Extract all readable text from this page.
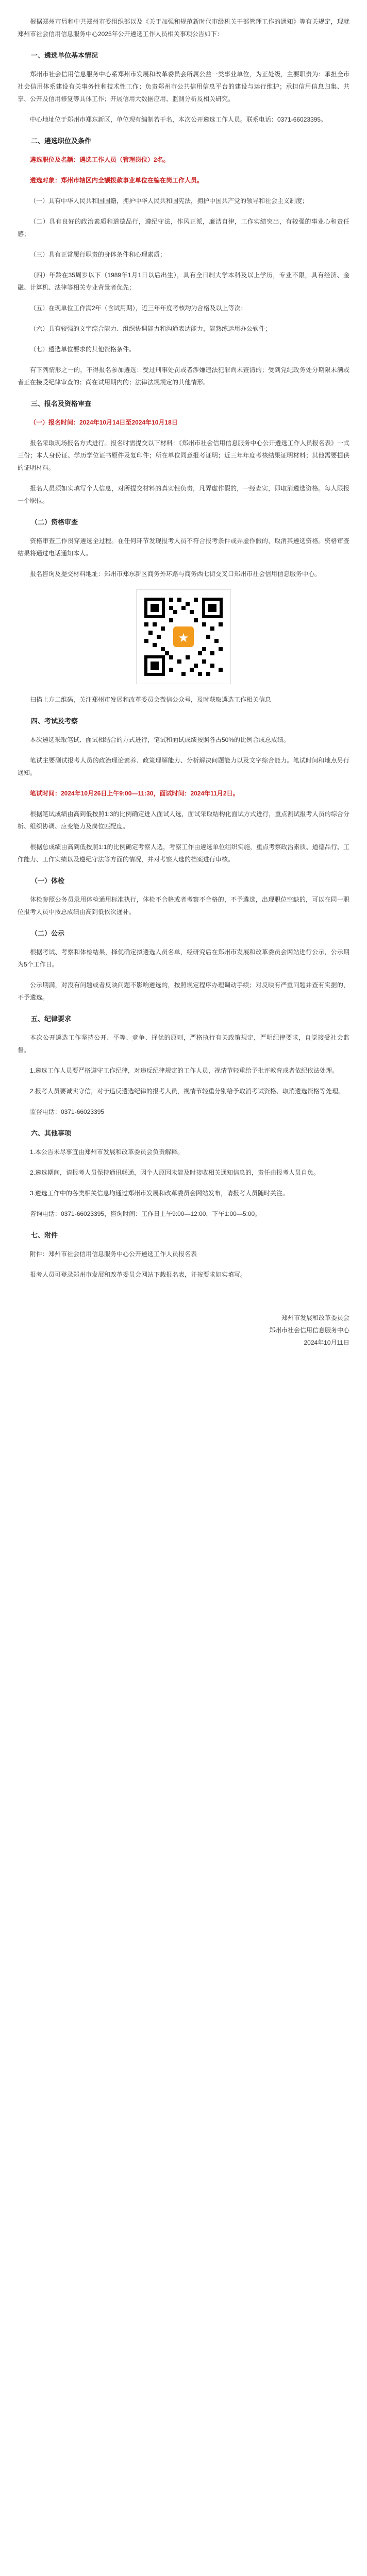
根据郑州市局和中共郑州市委组织部以及《关于加强和规范新时代市级机关干部管理工作的通知》等有关规定，现就郑州市社会信用信息服务中心2025年公开遴选工作人员相关事项公告如下：

一、遴选单位基本情况

郑州市社会信用信息服务中心系郑州市发展和改革委员会所属公益一类事业单位，为正处级，主要职责为：承担全市社会信用体系建设有关事务性和技术性工作；负责郑州市公共信用信息平台的建设与运行维护；承担信用信息归集、共享、公开及信用修复等具体工作；开展信用大数据应用、监测分析及相关研究。

中心地址位于郑州市郑东新区，单位现有编制若干名，本次公开遴选工作人员。联系电话：0371-66023395。

二、遴选职位及条件

遴选职位及名额：遴选工作人员（管理岗位）2名。

遴选对象：郑州市辖区内全额拨款事业单位在编在岗工作人员。

（一）具有中华人民共和国国籍，拥护中华人民共和国宪法，拥护中国共产党的领导和社会主义制度；

（二）具有良好的政治素质和道德品行，遵纪守法，作风正派，廉洁自律，工作实绩突出，有较强的事业心和责任感；

（三）具有正常履行职责的身体条件和心理素质；

（四）年龄在35周岁以下（1989年1月1日以后出生），具有全日制大学本科及以上学历，专业不限，具有经济、金融、计算机、法律等相关专业背景者优先；

（五）在现单位工作满2年（含试用期），近三年年度考核均为合格及以上等次；

（六）具有较强的文字综合能力、组织协调能力和沟通表达能力，能熟练运用办公软件；

（七）遴选单位要求的其他资格条件。

有下列情形之一的，不得报名参加遴选：受过刑事处罚或者涉嫌违法犯罪尚未查清的；受到党纪政务处分期限未满或者正在接受纪律审查的；尚在试用期内的；法律法规规定的其他情形。

三、报名及资格审查

（一）报名时间：2024年10月14日至2024年10月18日

报名采取现场报名方式进行。报名时需提交以下材料：《郑州市社会信用信息服务中心公开遴选工作人员报名表》一式三份；本人身份证、学历学位证书原件及复印件；所在单位同意报考证明；近三年年度考核结果证明材料；其他需要提供的证明材料。

报名人员须如实填写个人信息，对所提交材料的真实性负责，凡弄虚作假的，一经查实，即取消遴选资格。每人限报一个职位。

（二）资格审查

资格审查工作贯穿遴选全过程。在任何环节发现报考人员不符合报考条件或弄虚作假的，取消其遴选资格。资格审查结果将通过电话通知本人。

报名咨询及提交材料地址：郑州市郑东新区商务外环路与商务西七街交叉口郑州市社会信用信息服务中心。

★

扫描上方二维码，关注郑州市发展和改革委员会微信公众号，及时获取遴选工作相关信息

四、考试及考察

本次遴选采取笔试、面试相结合的方式进行，笔试和面试成绩按照各占50%的比例合成总成绩。

笔试主要测试报考人员的政治理论素养、政策理解能力、分析解决问题能力以及文字综合能力。笔试时间和地点另行通知。

笔试时间：2024年10月26日上午9:00—11:30，面试时间：2024年11月2日。

根据笔试成绩由高到低按照1:3的比例确定进入面试人选，面试采取结构化面试方式进行，重点测试报考人员的综合分析、组织协调、应变能力及岗位匹配度。

根据总成绩由高到低按照1:1的比例确定考察人选，考察工作由遴选单位组织实施，重点考察政治素质、道德品行、工作能力、工作实绩以及遵纪守法等方面的情况，并对考察人选的档案进行审核。

（一）体检

体检参照公务员录用体检通用标准执行，体检不合格或者考察不合格的，不予遴选，出现职位空缺的，可以在同一职位报考人员中按总成绩由高到低依次递补。

（二）公示

根据考试、考察和体检结果，择优确定拟遴选人员名单，经研究后在郑州市发展和改革委员会网站进行公示，公示期为5个工作日。

公示期满，对没有问题或者反映问题不影响遴选的，按照规定程序办理调动手续；对反映有严重问题并查有实据的，不予遴选。

五、纪律要求

本次公开遴选工作坚持公开、平等、竞争、择优的原则，严格执行有关政策规定，严明纪律要求，自觉接受社会监督。

1.遴选工作人员要严格遵守工作纪律，对违反纪律规定的工作人员，视情节轻重给予批评教育或者依纪依法处理。

2.报考人员要诚实守信，对于违反遴选纪律的报考人员，视情节轻重分别给予取消考试资格、取消遴选资格等处理。

监督电话：0371-66023395

六、其他事项

1.本公告未尽事宜由郑州市发展和改革委员会负责解释。

2.遴选期间，请报考人员保持通讯畅通，因个人原因未能及时接收相关通知信息的，责任由报考人员自负。

3.遴选工作中的各类相关信息均通过郑州市发展和改革委员会网站发布，请报考人员随时关注。

咨询电话：0371-66023395，咨询时间：工作日上午9:00—12:00，下午1:00—5:00。

七、附件

附件：郑州市社会信用信息服务中心公开遴选工作人员报名表

报考人员可登录郑州市发展和改革委员会网站下载报名表，并按要求如实填写。

郑州市发展和改革委员会
郑州市社会信用信息服务中心
2024年10月11日
